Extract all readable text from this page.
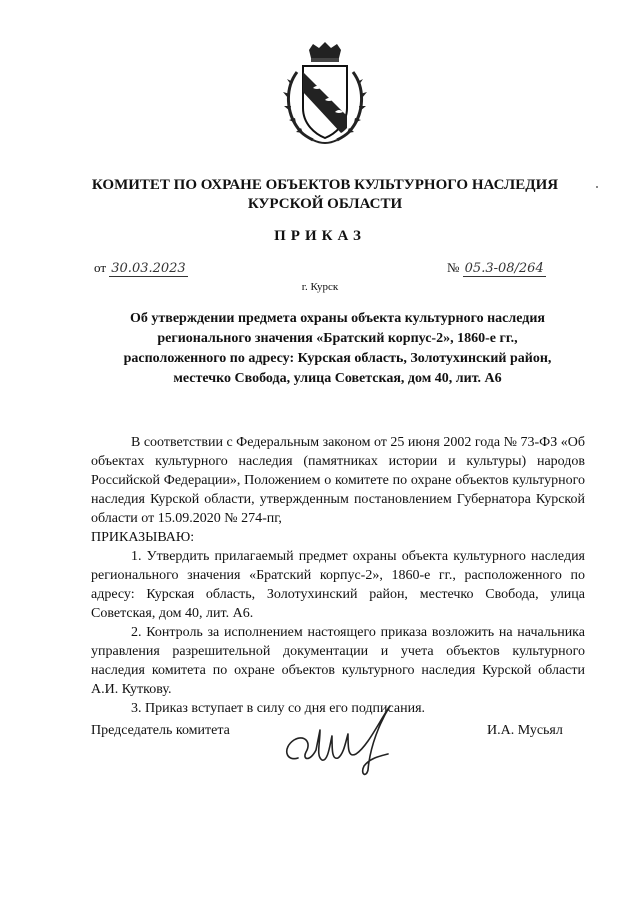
КОМИТЕТ ПО ОХРАНЕ ОБЪЕКТОВ КУЛЬТУРНОГО НАСЛЕДИЯ
КУРСКОЙ ОБЛАСТИ
ПРИКАЗ
от 30.03.2023	№ 05.3-08/264
г. Курск
Об утверждении предмета охраны объекта культурного наследия
регионального значения «Братский корпус-2», 1860-е гг.,
расположенного по адресу: Курская область, Золотухинский район,
местечко Свобода, улица Советская, дом 40, лит. А6

В соответствии с Федеральным законом от 25 июня 2002 года № 73-ФЗ «Об объектах культурного наследия (памятниках истории и культуры) народов Российской Федерации», Положением о комитете по охране объектов культурного наследия Курской области, утвержденным постановлением Губернатора Курской области от 15.09.2020 № 274-пг,

ПРИКАЗЫВАЮ:

1. Утвердить прилагаемый предмет охраны объекта культурного наследия регионального значения «Братский корпус-2», 1860-е гг., расположенного по адресу: Курская область, Золотухинский район, местечко Свобода, улица Советская, дом 40, лит. А6.

2. Контроль за исполнением настоящего приказа возложить на начальника управления разрешительной документации и учета объектов культурного наследия комитета по охране объектов культурного наследия Курской области А.И. Куткову.

3. Приказ вступает в силу со дня его подписания.

Председатель комитета	И.А. Мусьял
